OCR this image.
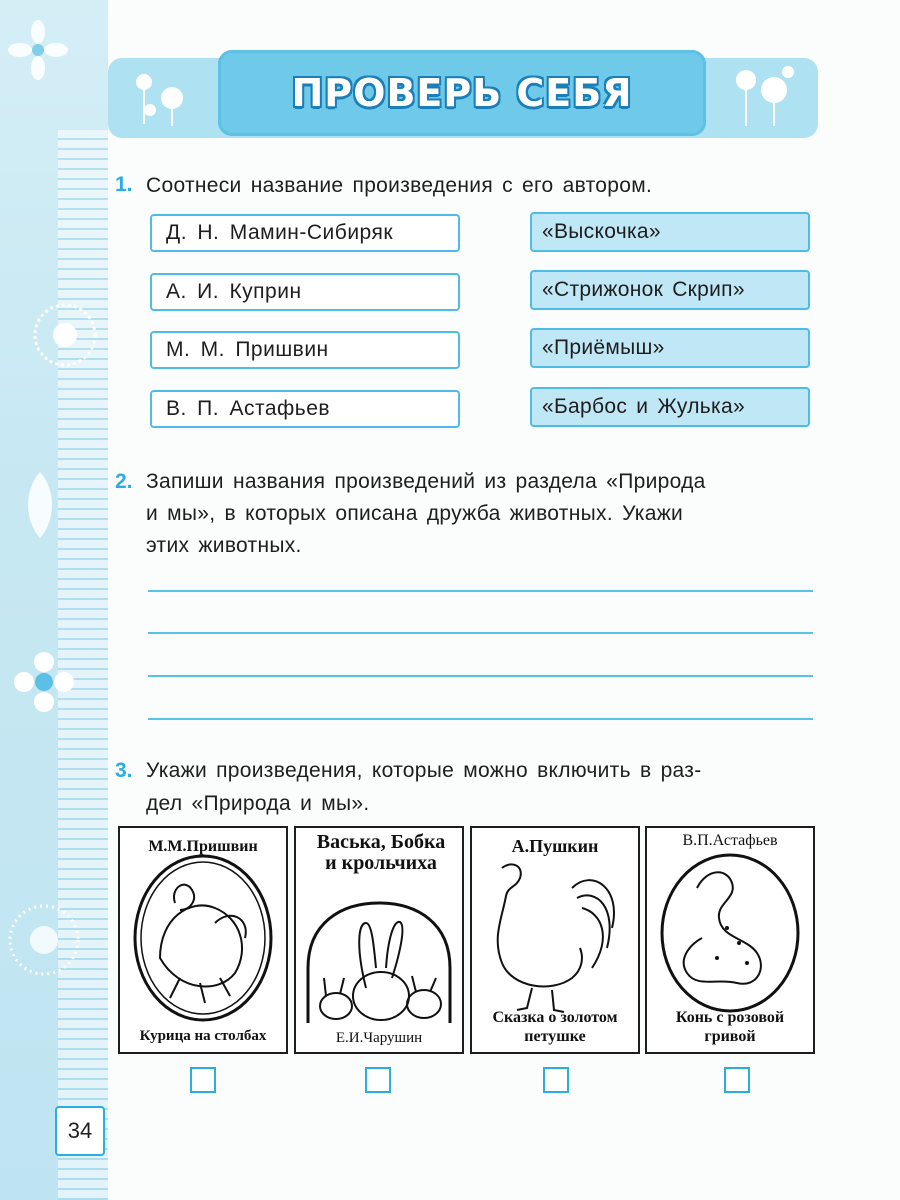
ПРОВЕРЬ СЕБЯ
1. Соотнеси название произведения с его автором.
Д. Н. Мамин-Сибиряк
А. И. Куприн
М. М. Пришвин
В. П. Астафьев
«Выскочка»
«Стрижонок Скрип»
«Приёмыш»
«Барбос и Жулька»
2. Запиши названия произведений из раздела «Природа
и мы», в которых описана дружба животных. Укажи
этих животных.
3. Укажи произведения, которые можно включить в раз-
дел «Природа и мы».
М.М.Пришвин
Курица на столбах
Васька, Бобка и крольчиха
Е.И.Чарушин
А.Пушкин
Сказка о золотом петушке
В.П.Астафьев
Конь с розовой гривой
34
